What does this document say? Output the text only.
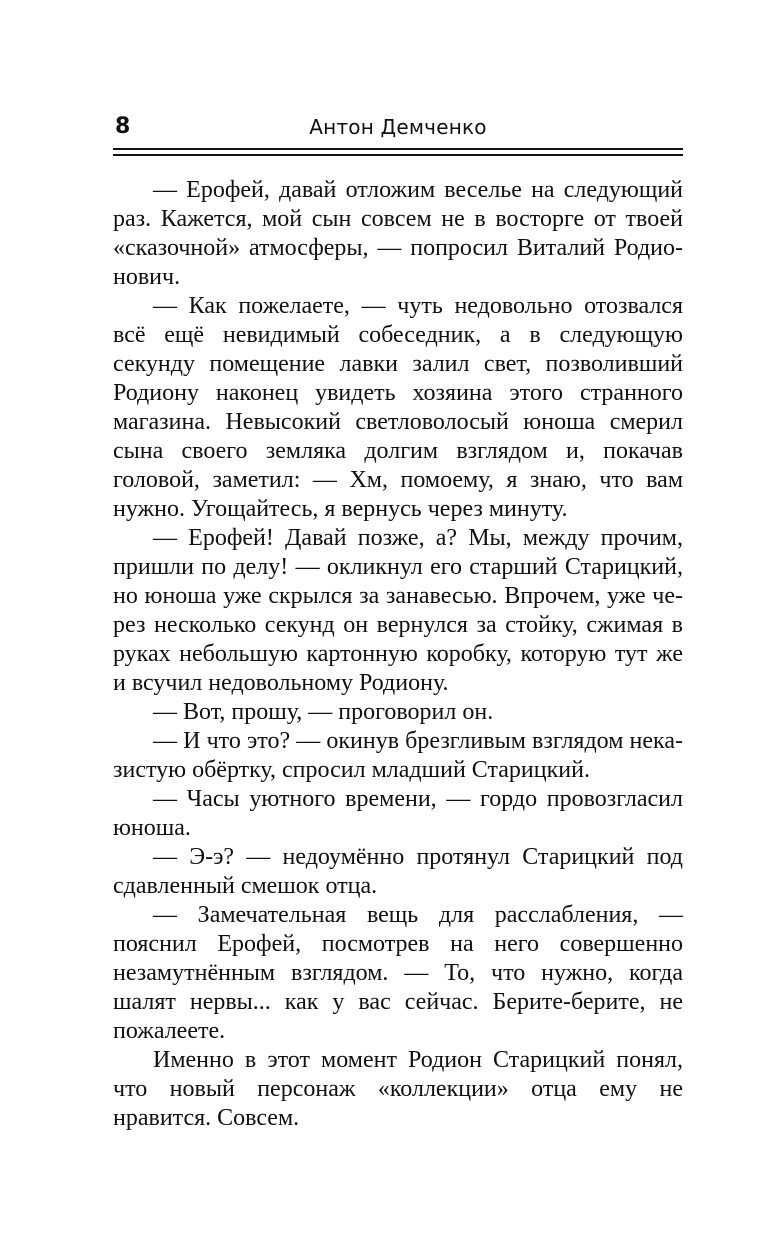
8	Антон Демченко

— Ерофей, давай отложим веселье на следующий раз. Кажется, мой сын совсем не в восторге от твоей «сказочной» атмосферы, — попросил Виталий Родионович.

— Как пожелаете, — чуть недовольно отозвался всё ещё невидимый собеседник, а в следующую секунду помещение лавки залил свет, позволивший Родиону наконец увидеть хозяина этого странного магазина. Невысокий светловолосый юноша смерил сына своего земляка долгим взглядом и, покачав головой, заметил: — Хм, помоему, я знаю, что вам нужно. Угощайтесь, я вернусь через минуту.

— Ерофей! Давай позже, а? Мы, между прочим, пришли по делу! — окликнул его старший Старицкий, но юноша уже скрылся за занавесью. Впрочем, уже через несколько секунд он вернулся за стойку, сжимая в руках небольшую картонную коробку, которую тут же и всучил недовольному Родиону.

— Вот, прошу, — проговорил он.

— И что это? — окинув брезгливым взглядом неказистую обёртку, спросил младший Старицкий.

— Часы уютного времени, — гордо провозгласил юноша.

— Э-э? — недоумённо протянул Старицкий под сдавленный смешок отца.

— Замечательная вещь для расслабления, — пояснил Ерофей, посмотрев на него совершенно незамутнённым взглядом. — То, что нужно, когда шалят нервы... как у вас сейчас. Берите-берите, не пожалеете.

Именно в этот момент Родион Старицкий понял, что новый персонаж «коллекции» отца ему не нравится. Совсем.
